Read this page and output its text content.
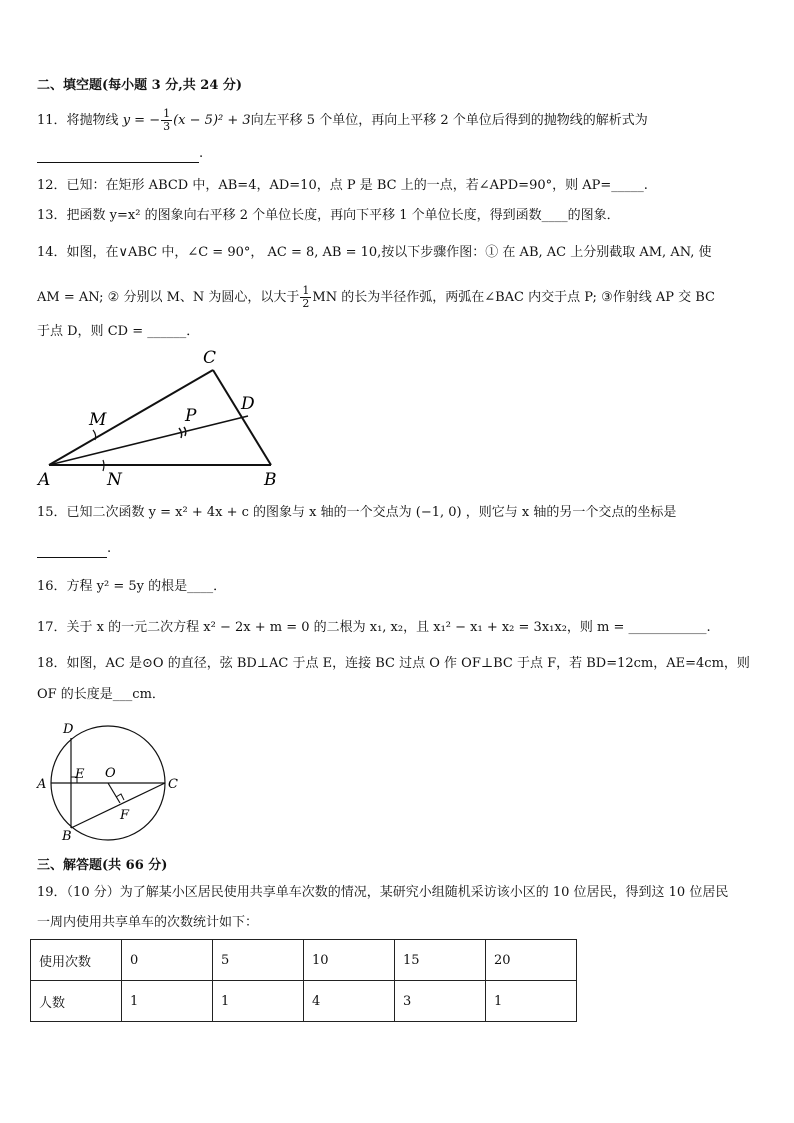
二、填空题(每小题 3 分,共 24 分)
11．将抛物线 y = − $\frac{1}{3} (x - 5)^2 + 3$向左平移 5 个单位，再向上平移 2 个单位后得到的抛物线的解析式为
.
12．已知：在矩形 ABCD 中，AB=4，AD=10，点 P 是 BC 上的一点，若∠APD=90°，则 AP=_____.
13．把函数 y=x² 的图象向右平移 2 个单位长度，再向下平移 1 个单位长度，得到函数____的图象．
14．如图，在∨ABC 中，∠C = 90°， AC = 8, AB = 10,按以下步骤作图：① 在 AB, AC 上分别截取 AM, AN, 使
AM = AN; ② 分别以 M、N 为圆心，以大于 $\frac{1}{2}$ MN 的长为半径作弧，两弧在∠BAC 内交于点 P; ③作射线 AP 交 BC
于点 D，则 CD = ______．
A	B
C
D
M
N
P
15．已知二次函数 y = x² + 4x + c 的图象与 x 轴的一个交点为 (−1, 0) ，则它与 x 轴的另一个交点的坐标是
.
16．方程 y² = 5y 的根是____．
17．关于 x 的一元二次方程 x² − 2x + m = 0 的二根为 x₁, x₂，且 x₁² − x₁ + x₂ = 3x₁x₂，则 m = ____________.
18．如图，AC 是⊙O 的直径，弦 BD⊥AC 于点 E，连接 BC 过点 O 作 OF⊥BC 于点 F，若 BD=12cm，AE=4cm，则
OF 的长度是___cm．
A	C
D
B
E O
F
三、解答题(共 66 分)
19．（10 分）为了解某小区居民使用共享单车次数的情况，某研究小组随机采访该小区的 10 位居民，得到这 10 位居民
一周内使用共享单车的次数统计如下：
使用次数	0	5	10	15	20
人数	1	1	4	3	1
